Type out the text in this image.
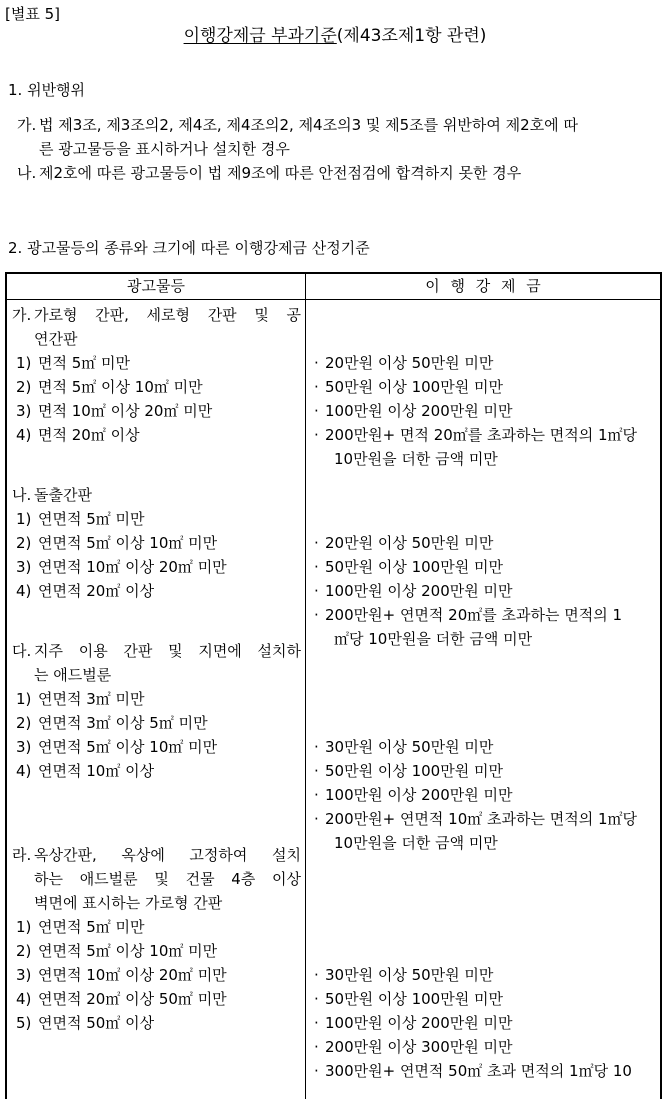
[별표 5]
이행강제금 부과기준(제43조제1항 관련)
1. 위반행위
가. 법 제3조, 제3조의2, 제4조, 제4조의2, 제4조의3 및 제5조를 위반하여 제2호에 따
른 광고물등을 표시하거나 설치한 경우
나. 제2호에 따른 광고물등이 법 제9조에 따른 안전점검에 합격하지 못한 경우
2. 광고물등의 종류와 크기에 따른 이행강제금 산정기준
광고물등	이 행 강 제 금
가. 가로형 간판, 세로형 간판 및 공
연간판
1) 면적 5㎡ 미만
2) 면적 5㎡ 이상 10㎡ 미만
3) 면적 10㎡ 이상 20㎡ 미만
4) 면적 20㎡ 이상
나. 돌출간판
1) 연면적 5㎡ 미만
2) 연면적 5㎡ 이상 10㎡ 미만
3) 연면적 10㎡ 이상 20㎡ 미만
4) 연면적 20㎡ 이상
다. 지주 이용 간판 및 지면에 설치하
는 애드벌룬
1) 연면적 3㎡ 미만
2) 연면적 3㎡ 이상 5㎡ 미만
3) 연면적 5㎡ 이상 10㎡ 미만
4) 연면적 10㎡ 이상
라. 옥상간판, 옥상에 고정하여 설치
하는 애드벌룬 및 건물 4층 이상
벽면에 표시하는 가로형 간판
1) 연면적 5㎡ 미만
2) 연면적 5㎡ 이상 10㎡ 미만
3) 연면적 10㎡ 이상 20㎡ 미만
4) 연면적 20㎡ 이상 50㎡ 미만
5) 연면적 50㎡ 이상
· 20만원 이상 50만원 미만
· 50만원 이상 100만원 미만
· 100만원 이상 200만원 미만
· 200만원+ 면적 20㎡를 초과하는 면적의 1㎡당
10만원을 더한 금액 미만
· 20만원 이상 50만원 미만
· 50만원 이상 100만원 미만
· 100만원 이상 200만원 미만
· 200만원+ 연면적 20㎡를 초과하는 면적의 1
㎡당 10만원을 더한 금액 미만
· 30만원 이상 50만원 미만
· 50만원 이상 100만원 미만
· 100만원 이상 200만원 미만
· 200만원+ 연면적 10㎡ 초과하는 면적의 1㎡당
10만원을 더한 금액 미만
· 30만원 이상 50만원 미만
· 50만원 이상 100만원 미만
· 100만원 이상 200만원 미만
· 200만원 이상 300만원 미만
· 300만원+ 연면적 50㎡ 초과 면적의 1㎡당 10
